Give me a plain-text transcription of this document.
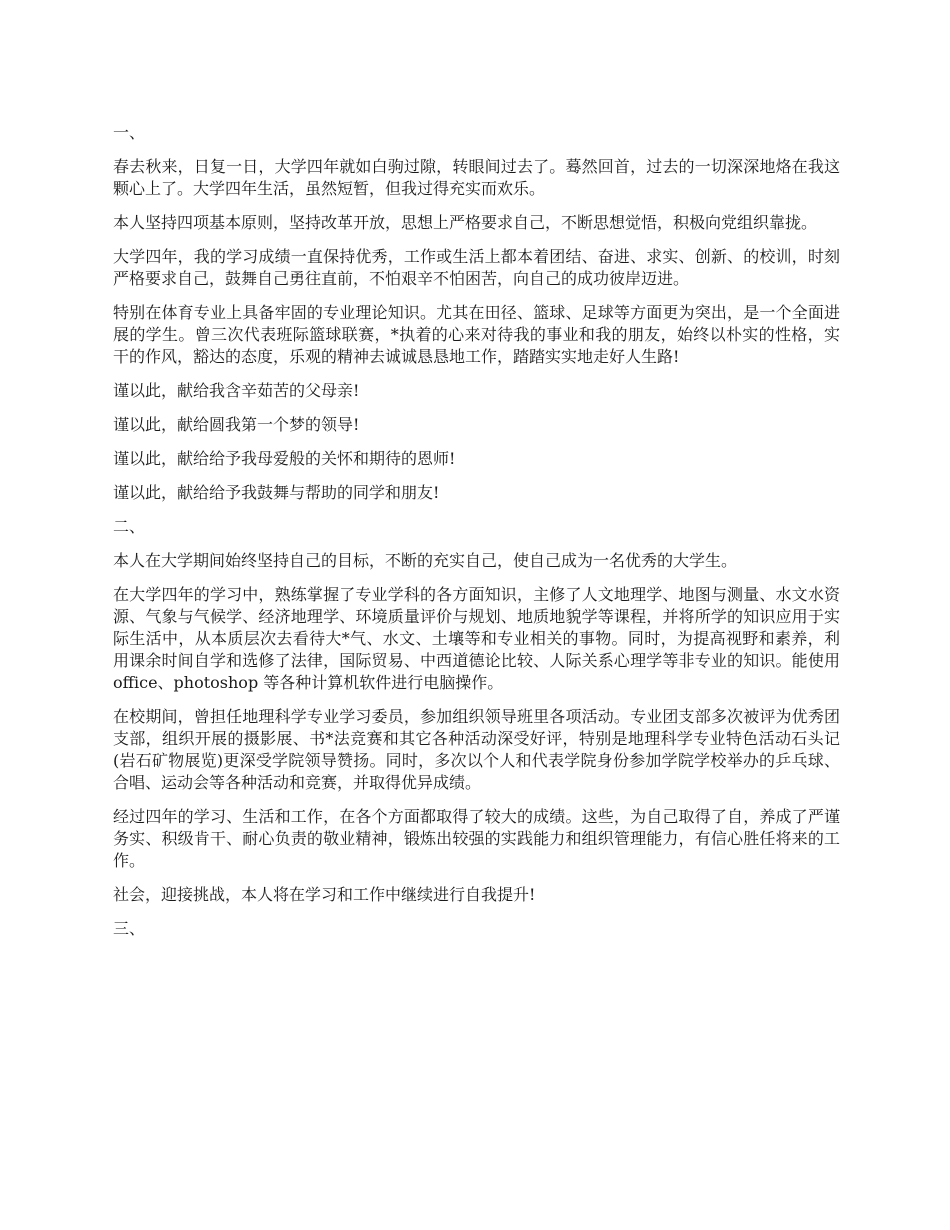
一、

春去秋来，日复一日，大学四年就如白驹过隙，转眼间过去了。蓦然回首，过去的一切深深地烙在我这颗心上了。大学四年生活，虽然短暂，但我过得充实而欢乐。

本人坚持四项基本原则，坚持改革开放，思想上严格要求自己，不断思想觉悟，积极向党组织靠拢。

大学四年，我的学习成绩一直保持优秀，工作或生活上都本着团结、奋进、求实、创新、的校训，时刻严格要求自己，鼓舞自己勇往直前，不怕艰辛不怕困苦，向自己的成功彼岸迈进。

特别在体育专业上具备牢固的专业理论知识。尤其在田径、篮球、足球等方面更为突出，是一个全面进展的学生。曾三次代表班际篮球联赛，*执着的心来对待我的事业和我的朋友，始终以朴实的性格，实干的作风，豁达的态度，乐观的精神去诚诚恳恳地工作，踏踏实实地走好人生路!

谨以此，献给我含辛茹苦的父母亲!

谨以此，献给圆我第一个梦的领导!

谨以此，献给给予我母爱般的关怀和期待的恩师!

谨以此，献给给予我鼓舞与帮助的同学和朋友!

二、

本人在大学期间始终坚持自己的目标，不断的充实自己，使自己成为一名优秀的大学生。

在大学四年的学习中，熟练掌握了专业学科的各方面知识，主修了人文地理学、地图与测量、水文水资源、气象与气候学、经济地理学、环境质量评价与规划、地质地貌学等课程，并将所学的知识应用于实际生活中，从本质层次去看待大*气、水文、土壤等和专业相关的事物。同时，为提高视野和素养，利用课余时间自学和选修了法律，国际贸易、中西道德论比较、人际关系心理学等非专业的知识。能使用 office、photoshop 等各种计算机软件进行电脑操作。

在校期间，曾担任地理科学专业学习委员，参加组织领导班里各项活动。专业团支部多次被评为优秀团支部，组织开展的摄影展、书*法竞赛和其它各种活动深受好评，特别是地理科学专业特色活动石头记(岩石矿物展览)更深受学院领导赞扬。同时，多次以个人和代表学院身份参加学院学校举办的乒乓球、合唱、运动会等各种活动和竞赛，并取得优异成绩。

经过四年的学习、生活和工作，在各个方面都取得了较大的成绩。这些，为自己取得了自，养成了严谨务实、积级肯干、耐心负责的敬业精神，锻炼出较强的实践能力和组织管理能力，有信心胜任将来的工作。

社会，迎接挑战，本人将在学习和工作中继续进行自我提升!

三、
